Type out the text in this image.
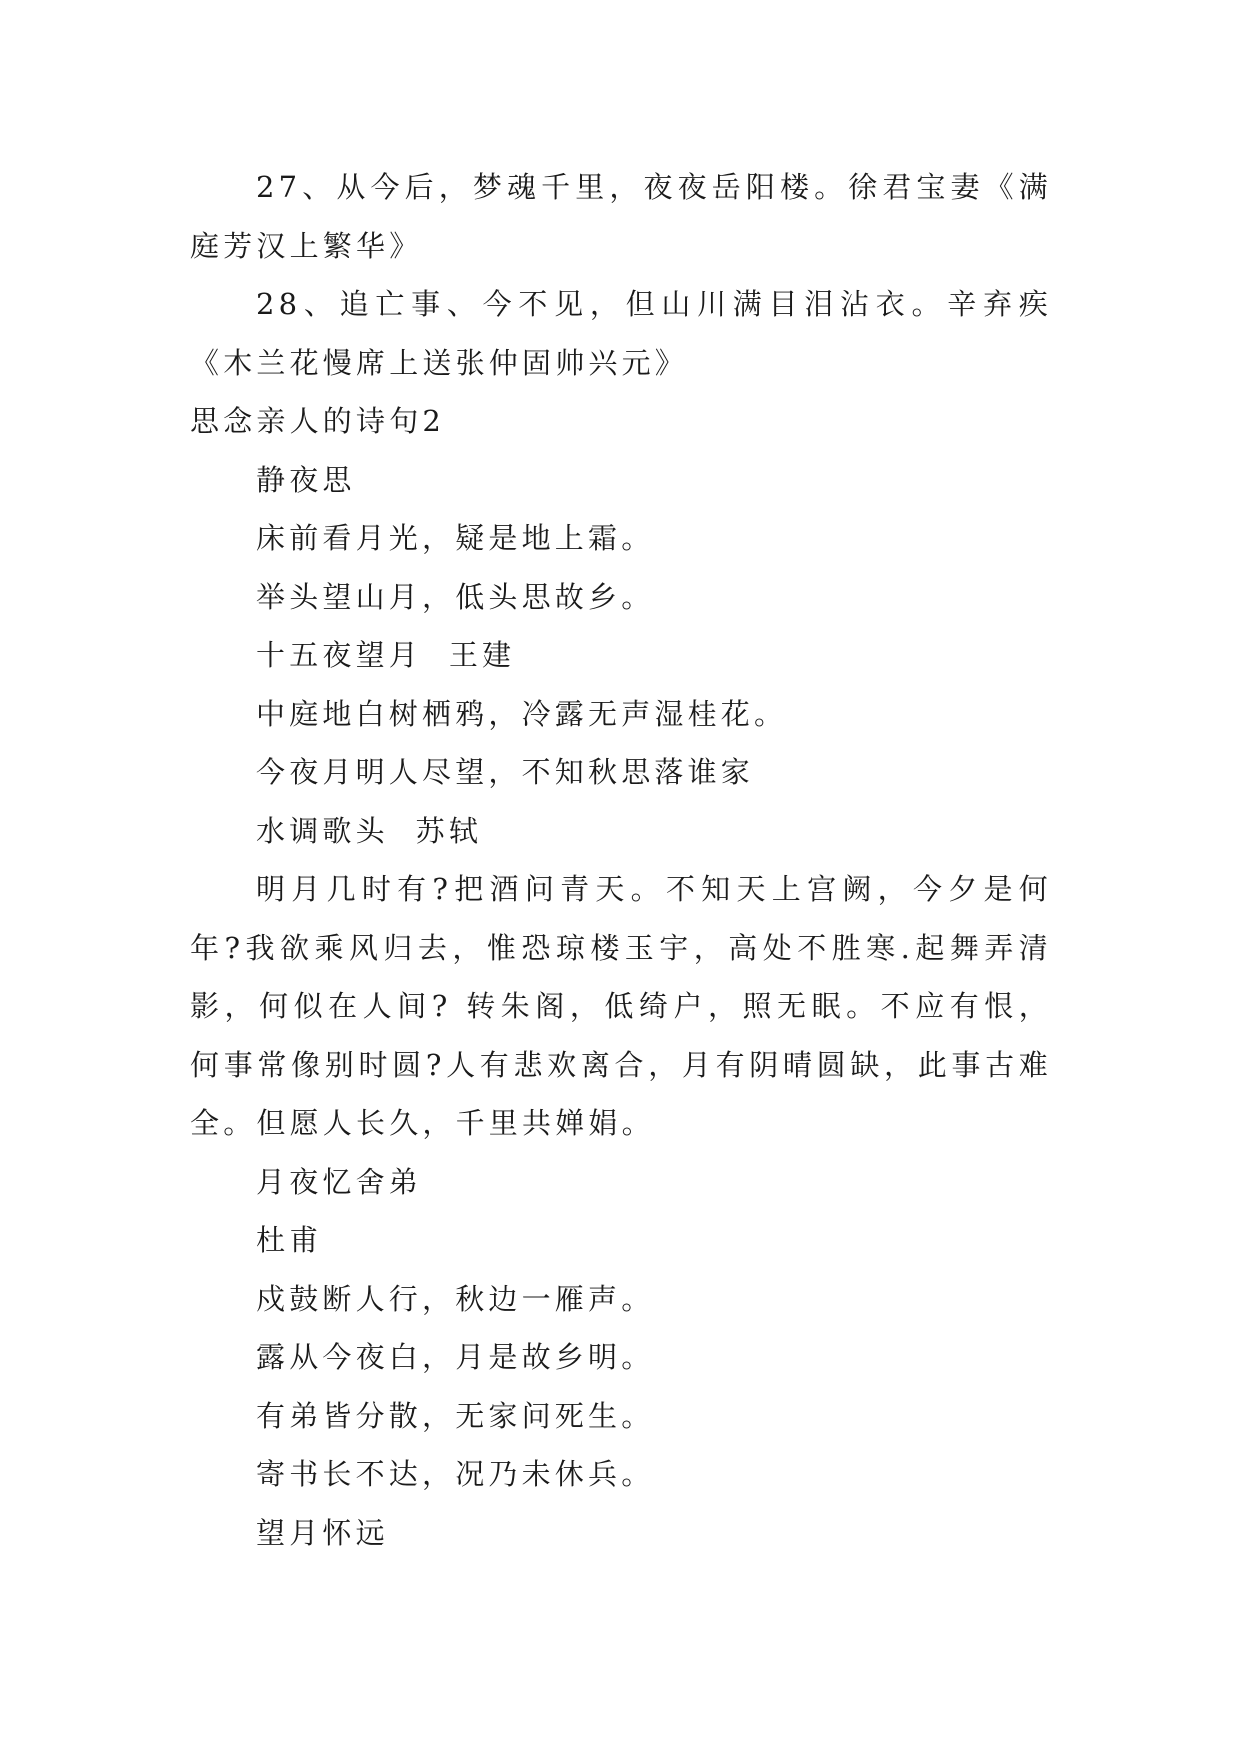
27、从今后，梦魂千里，夜夜岳阳楼。徐君宝妻《满庭芳汉上繁华》

28、追亡事、今不见，但山川满目泪沾衣。辛弃疾《木兰花慢席上送张仲固帅兴元》

思念亲人的诗句2
静夜思
床前看月光，疑是地上霜。
举头望山月，低头思故乡。
十五夜望月  王建
中庭地白树栖鸦，冷露无声湿桂花。
今夜月明人尽望，不知秋思落谁家
水调歌头  苏轼

明月几时有?把酒问青天。不知天上宫阙，今夕是何年?我欲乘风归去，惟恐琼楼玉宇，高处不胜寒.起舞弄清影，何似在人间? 转朱阁，低绮户，照无眠。不应有恨，何事常像别时圆?人有悲欢离合，月有阴晴圆缺，此事古难全。但愿人长久，千里共婵娟。

月夜忆舍弟
杜甫
戍鼓断人行，秋边一雁声。
露从今夜白，月是故乡明。
有弟皆分散，无家问死生。
寄书长不达，况乃未休兵。
望月怀远
